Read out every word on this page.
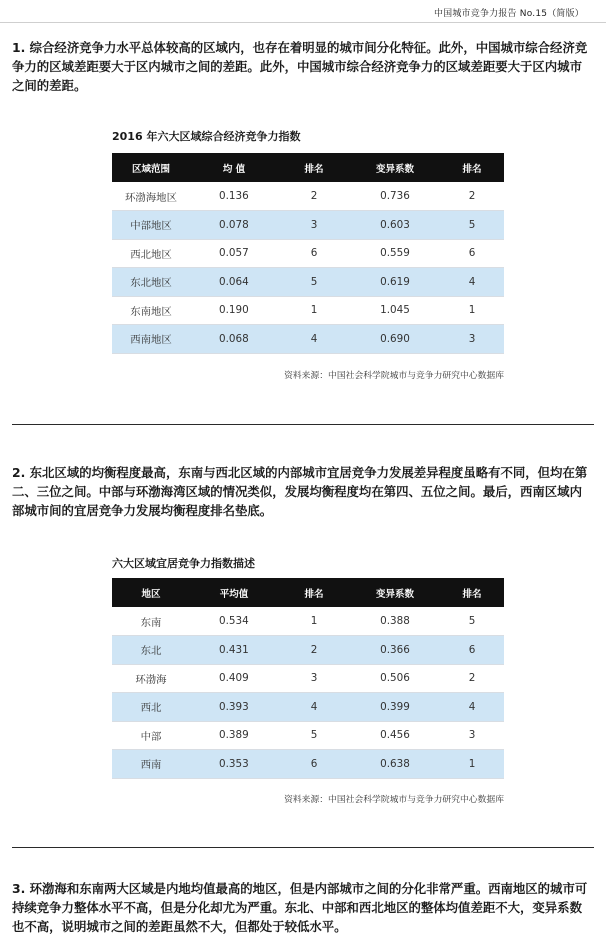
中国城市竞争力报告 No.15（简版）

1. 综合经济竞争力水平总体较高的区域内，也存在着明显的城市间分化特征。此外，中国城市综合经济竞争力的区域差距要大于区内城市之间的差距。此外，中国城市综合经济竞争力的区域差距要大于区内城市之间的差距。

2016 年六大区域综合经济竞争力指数
区域范围	均 值	排名	变异系数	排名
环渤海地区	0.136	2	0.736	2
中部地区	0.078	3	0.603	5
西北地区	0.057	6	0.559	6
东北地区	0.064	5	0.619	4
东南地区	0.190	1	1.045	1
西南地区	0.068	4	0.690	3
资料来源：中国社会科学院城市与竞争力研究中心数据库

2. 东北区域的均衡程度最高，东南与西北区域的内部城市宜居竞争力发展差异程度虽略有不同，但均在第二、三位之间。中部与环渤海湾区域的情况类似，发展均衡程度均在第四、五位之间。最后，西南区域内部城市间的宜居竞争力发展均衡程度排名垫底。

六大区域宜居竞争力指数描述
地区	平均值	排名	变异系数	排名
东南	0.534	1	0.388	5
东北	0.431	2	0.366	6
环渤海	0.409	3	0.506	2
西北	0.393	4	0.399	4
中部	0.389	5	0.456	3
西南	0.353	6	0.638	1
资料来源：中国社会科学院城市与竞争力研究中心数据库

3. 环渤海和东南两大区域是内地均值最高的地区，但是内部城市之间的分化非常严重。西南地区的城市可持续竞争力整体水平不高，但是分化却尤为严重。东北、中部和西北地区的整体均值差距不大，变异系数也不高，说明城市之间的差距虽然不大，但都处于较低水平。
